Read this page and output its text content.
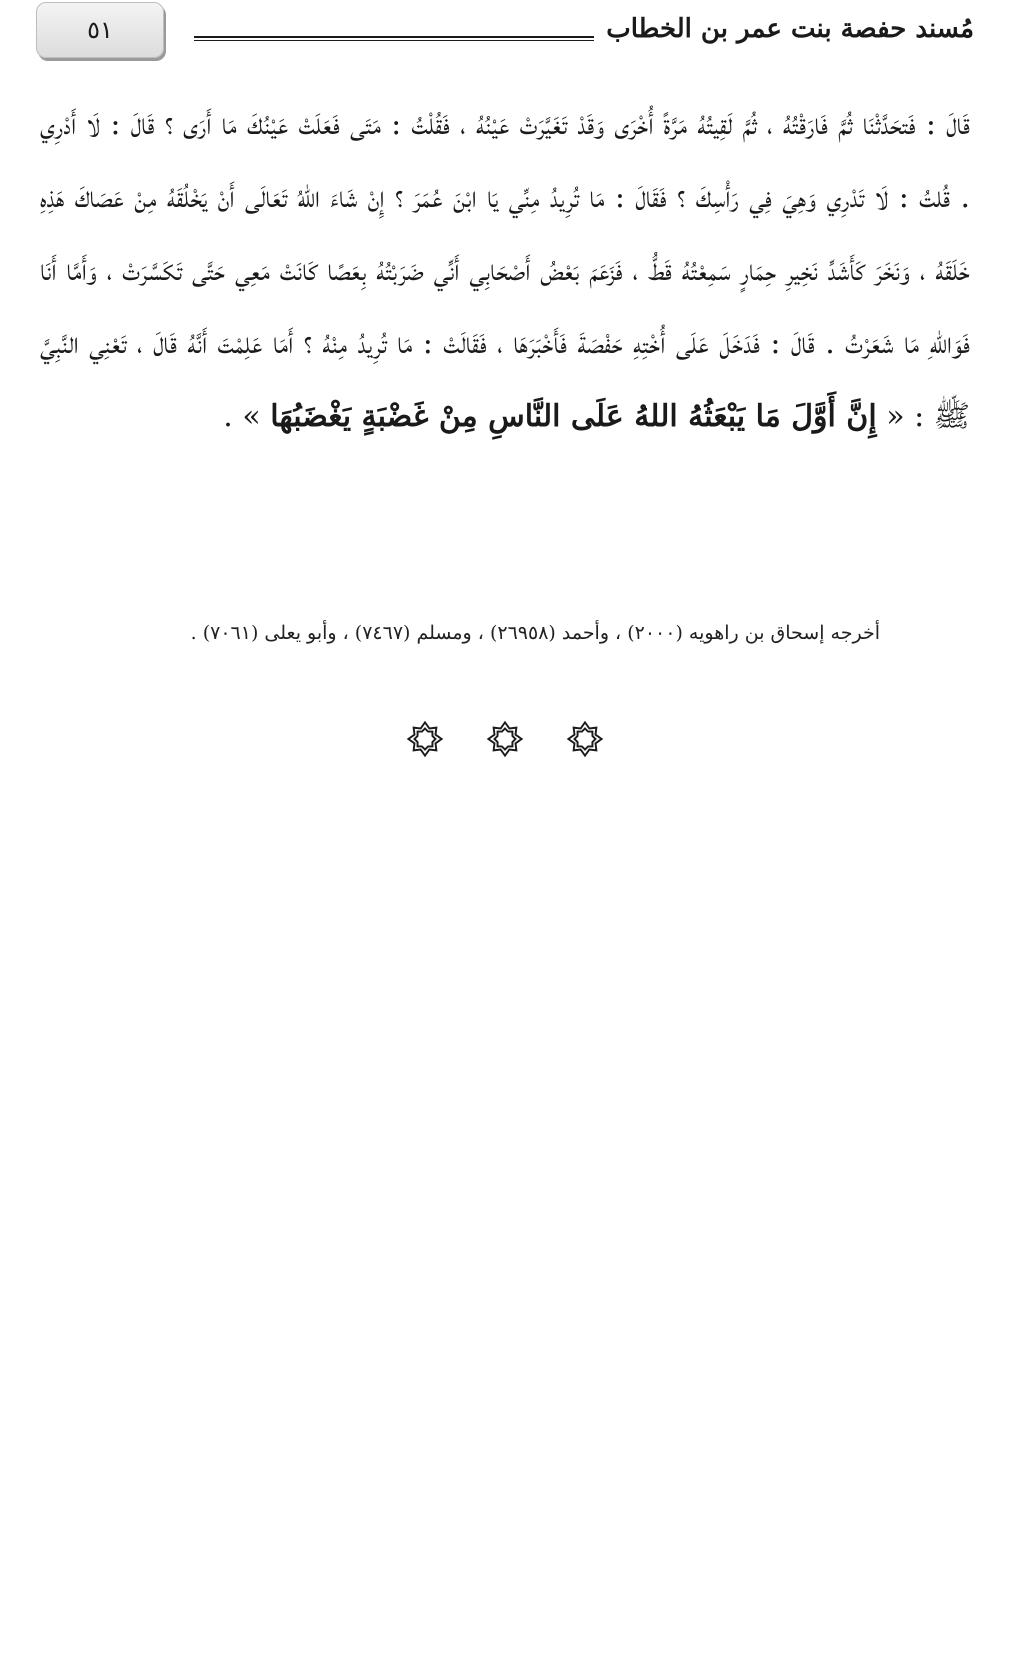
مُسند حفصة بنت عمر بن الخطاب
٥١

قَالَ : فَتحَدَّثْنَا ثُمَّ فَارَقْتُهُ ، ثُمَّ لَقِيتُهُ مَرَّةً أُخْرَى وَقَدْ تَغَيَّرَتْ عَيْنُهُ ، فَقُلْتُ : مَتَى فَعَلَتْ عَيْنُكَ مَا أَرَى ؟ قَالَ : لَا أَدْرِي . قُلتُ : لَا تَدْرِي وَهِيَ فِي رَأْسِكَ ؟ فَقَالَ : مَا تُرِيدُ مِنِّي يَا ابْنَ عُمَرَ ؟ إِنْ شَاءَ اللهُ تَعَالَى أَنْ يَخْلُقَهُ مِنْ عَصَاكَ هَذِهِ خَلَقَهُ ، وَنَخَرَ كَأَشَدِّ نَخِيرِ حِمَارٍ سَمِعْتُهُ قَطُّ ، فَزَعَمَ بَعْضُ أَصْحَابِي أَنِّي ضَرَبْتُهُ بِعَصًا كَانَتْ مَعِي حَتَّى تَكَسَّرَتْ ، وَأَمَّا أَنَا فَوَاللهِ مَا شَعَرْتُ . قَالَ : فَدَخَلَ عَلَى أُخْتِهِ حَفْصَةَ فَأَخْبَرَهَا ، فَقَالَتْ : مَا تُرِيدُ مِنْهُ ؟ أَمَا عَلِمْتَ أَنَّهُ قَالَ ، تَعْنِي النَّبِيَّ ﷺ : « إِنَّ أَوَّلَ مَا يَبْعَثُهُ اللهُ عَلَى النَّاسِ مِنْ غَضْبَةٍ يَغْضَبُهَا » .

أخرجه إسحاق بن راهويه (٢٠٠٠) ، وأحمد (٢٦٩٥٨) ، ومسلم (٧٤٦٧) ، وأبو يعلى (٧٠٦١) .
